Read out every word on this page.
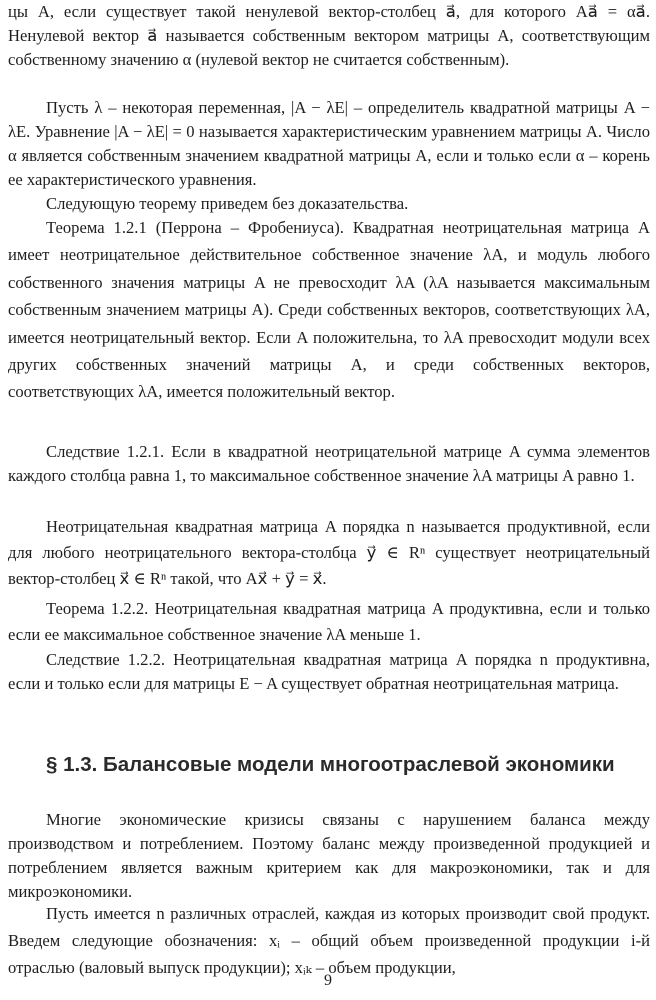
цы A, если существует такой ненулевой вектор-столбец a⃗, для которого Aa⃗ = αa⃗. Ненулевой вектор a⃗ называется собственным вектором матрицы A, соответствующим собственному значению α (нулевой вектор не считается собственным).

Пусть λ – некоторая переменная, |A − λE| – определитель квадратной матрицы A − λE. Уравнение |A − λE| = 0 называется характеристическим уравнением матрицы A. Число α является собственным значением квадратной матрицы A, если и только если α – корень ее характеристического уравнения.

Следующую теорему приведем без доказательства.

Теорема 1.2.1 (Перрона – Фробениуса). Квадратная неотрицательная матрица A имеет неотрицательное действительное собственное значение λA, и модуль любого собственного значения матрицы A не превосходит λA (λA называется максимальным собственным значением матрицы A). Среди собственных векторов, соответствующих λA, имеется неотрицательный вектор. Если A положительна, то λA превосходит модули всех других собственных значений матрицы A, и среди собственных векторов, соответствующих λA, имеется положительный вектор.

Следствие 1.2.1. Если в квадратной неотрицательной матрице A сумма элементов каждого столбца равна 1, то максимальное собственное значение λA матрицы A равно 1.

Неотрицательная квадратная матрица A порядка n называется продуктивной, если для любого неотрицательного вектора-столбца y⃗ ∈ Rⁿ существует неотрицательный вектор-столбец x⃗ ∈ Rⁿ такой, что Ax⃗ + y⃗ = x⃗.

Теорема 1.2.2. Неотрицательная квадратная матрица A продуктивна, если и только если ее максимальное собственное значение λA меньше 1.

Следствие 1.2.2. Неотрицательная квадратная матрица A порядка n продуктивна, если и только если для матрицы E − A существует обратная неотрицательная матрица.

§ 1.3. Балансовые модели многоотраслевой экономики

Многие экономические кризисы связаны с нарушением баланса между производством и потреблением. Поэтому баланс между произведенной продукцией и потреблением является важным критерием как для макроэкономики, так и для микроэкономики.

Пусть имеется n различных отраслей, каждая из которых производит свой продукт. Введем следующие обозначения: xᵢ – общий объем произведенной продукции i-й отраслью (валовый выпуск продукции); xᵢₖ – объем продукции,

9
